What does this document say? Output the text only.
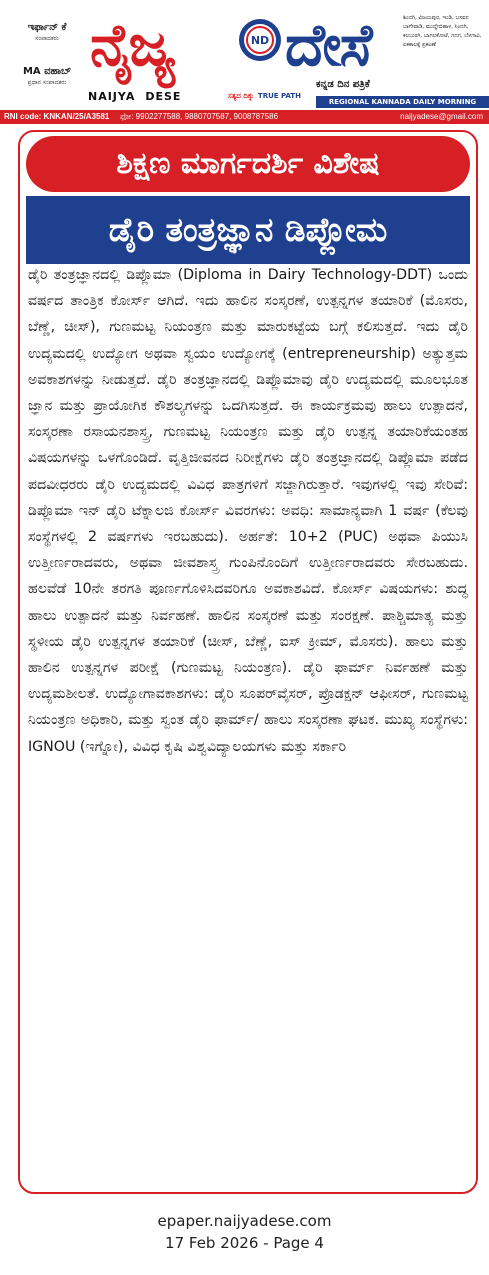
ಇರ್ಫಾನ್ ಕೆ
ಸಂಪಾದಕರು
MA ವಹಾಬ್
ಪ್ರಧಾನ ಸಂಪಾದಕರು
ನೈಜ್ಯ	ND
ಸತ್ಯದ ದಿಕ್ಕು TRUE PATH
ದೇಸೆ
NAIJYA DESE
ಕನ್ನಡ ದಿನ ಪತ್ರಿಕೆ
ಶಿಂದಗಿ, ವಿಜಯಪುರ, ಇಂಡಿ, ಬಸವನ ಬಾಗೇವಾಡಿ, ಮುದ್ದೇಬಿಹಾಳ, ಸಿಂದಗಿ, ಕಲಬುರಗಿ, ಬಾಗಲಕೋಟೆ, ಗದಗ, ಬೆಳಗಾವಿ, ಏಕಕಾಲಕ್ಕೆ ಪ್ರಕಟಣೆ
REGIONAL KANNADA DAILY MORNING
RNI code: KNKAN/25/A3581 ಫೋ: 9902277588, 9880707587, 9008787586	naijyadese@gmail.com
ಶಿಕ್ಷಣ ಮಾರ್ಗದರ್ಶಿ ವಿಶೇಷ
ಡೈರಿ ತಂತ್ರಜ್ಞಾನ ಡಿಪ್ಲೋಮ
ಡೈರಿ ತಂತ್ರಜ್ಞಾನದಲ್ಲಿ ಡಿಪ್ಲೊಮಾ (Diploma in Dairy Technology-DDT) ಒಂದು ವರ್ಷದ ತಾಂತ್ರಿಕ ಕೋರ್ಸ್ ಆಗಿದೆ. ಇದು ಹಾಲಿನ ಸಂಸ್ಕರಣೆ, ಉತ್ಪನ್ನಗಳ ತಯಾರಿಕೆ (ಮೊಸರು, ಬೆಣ್ಣೆ, ಚೀಸ್), ಗುಣಮಟ್ಟ ನಿಯಂತ್ರಣ ಮತ್ತು ಮಾರುಕಟ್ಟೆಯ ಬಗ್ಗೆ ಕಲಿಸುತ್ತದೆ. ಇದು ಡೈರಿ ಉದ್ಯಮದಲ್ಲಿ ಉದ್ಯೋಗ ಅಥವಾ ಸ್ವಯಂ ಉದ್ಯೋಗಕ್ಕೆ (entrepreneurship) ಅತ್ಯುತ್ತಮ ಅವಕಾಶಗಳನ್ನು ನೀಡುತ್ತದೆ. ಡೈರಿ ತಂತ್ರಜ್ಞಾನದಲ್ಲಿ ಡಿಪ್ಲೊಮಾವು ಡೈರಿ ಉದ್ಯಮದಲ್ಲಿ ಮೂಲಭೂತ ಜ್ಞಾನ ಮತ್ತು ಪ್ರಾಯೋಗಿಕ ಕೌಶಲ್ಯಗಳನ್ನು ಒದಗಿಸುತ್ತದೆ. ಈ ಕಾರ್ಯಕ್ರಮವು ಹಾಲು ಉತ್ಪಾದನೆ, ಸಂಸ್ಕರಣಾ ರಸಾಯನಶಾಸ್ತ್ರ, ಗುಣಮಟ್ಟ ನಿಯಂತ್ರಣ ಮತ್ತು ಡೈರಿ ಉತ್ಪನ್ನ ತಯಾರಿಕೆಯಂತಹ ವಿಷಯಗಳನ್ನು ಒಳಗೊಂಡಿದೆ. ವೃತ್ತಿಜೀವನದ ನಿರೀಕ್ಷೆಗಳು ಡೈರಿ ತಂತ್ರಜ್ಞಾನದಲ್ಲಿ ಡಿಪ್ಲೊಮಾ ಪಡೆದ ಪದವೀಧರರು ಡೈರಿ ಉದ್ಯಮದಲ್ಲಿ ವಿವಿಧ ಪಾತ್ರಗಳಿಗೆ ಸಜ್ಜಾಗಿರುತ್ತಾರೆ. ಇವುಗಳಲ್ಲಿ ಇವು ಸೇರಿವೆ: ಡಿಪ್ಲೊಮಾ ಇನ್ ಡೈರಿ ಟೆಕ್ನಾಲಜಿ ಕೋರ್ಸ್ ವಿವರಗಳು: ಅವಧಿ: ಸಾಮಾನ್ಯವಾಗಿ 1 ವರ್ಷ (ಕೆಲವು ಸಂಸ್ಥೆಗಳಲ್ಲಿ 2 ವರ್ಷಗಳು ಇರಬಹುದು). ಅರ್ಹತೆ: 10+2 (PUC) ಅಥವಾ ಪಿಯುಸಿ ಉತ್ತೀರ್ಣರಾದವರು, ಅಥವಾ ಜೀವಶಾಸ್ತ್ರ ಗುಂಪಿನೊಂದಿಗೆ ಉತ್ತೀರ್ಣರಾದವರು ಸೇರಬಹುದು. ಹಲವೆಡೆ 10ನೇ ತರಗತಿ ಪೂರ್ಣಗೊಳಿಸಿದವರಿಗೂ ಅವಕಾಶವಿದೆ. ಕೋರ್ಸ್ ವಿಷಯಗಳು: ಶುದ್ಧ ಹಾಲು ಉತ್ಪಾದನೆ ಮತ್ತು ನಿರ್ವಹಣೆ. ಹಾಲಿನ ಸಂಸ್ಕರಣೆ ಮತ್ತು ಸಂರಕ್ಷಣೆ. ಪಾಶ್ಚಿಮಾತ್ಯ ಮತ್ತು ಸ್ಥಳೀಯ ಡೈರಿ ಉತ್ಪನ್ನಗಳ ತಯಾರಿಕೆ (ಚೀಸ್, ಬೆಣ್ಣೆ, ಐಸ್ ಕ್ರೀಮ್, ಮೊಸರು). ಹಾಲು ಮತ್ತು ಹಾಲಿನ ಉತ್ಪನ್ನಗಳ ಪರೀಕ್ಷೆ (ಗುಣಮಟ್ಟ ನಿಯಂತ್ರಣ). ಡೈರಿ ಫಾರ್ಮ್ ನಿರ್ವಹಣೆ ಮತ್ತು ಉದ್ಯಮಶೀಲತೆ. ಉದ್ಯೋಗಾವಕಾಶಗಳು: ಡೈರಿ ಸೂಪರ್‌ವೈಸರ್, ಪ್ರೊಡಕ್ಷನ್ ಆಫೀಸರ್, ಗುಣಮಟ್ಟ ನಿಯಂತ್ರಣ ಅಧಿಕಾರಿ, ಮತ್ತು ಸ್ವಂತ ಡೈರಿ ಫಾರ್ಮ್/ ಹಾಲು ಸಂಸ್ಕರಣಾ ಘಟಕ. ಮುಖ್ಯ ಸಂಸ್ಥೆಗಳು: IGNOU (ಇಗ್ನೋ), ವಿವಿಧ ಕೃಷಿ ವಿಶ್ವವಿದ್ಯಾಲಯಗಳು ಮತ್ತು ಸರ್ಕಾರಿ
epaper.naijyadese.com
17 Feb 2026 - Page 4
